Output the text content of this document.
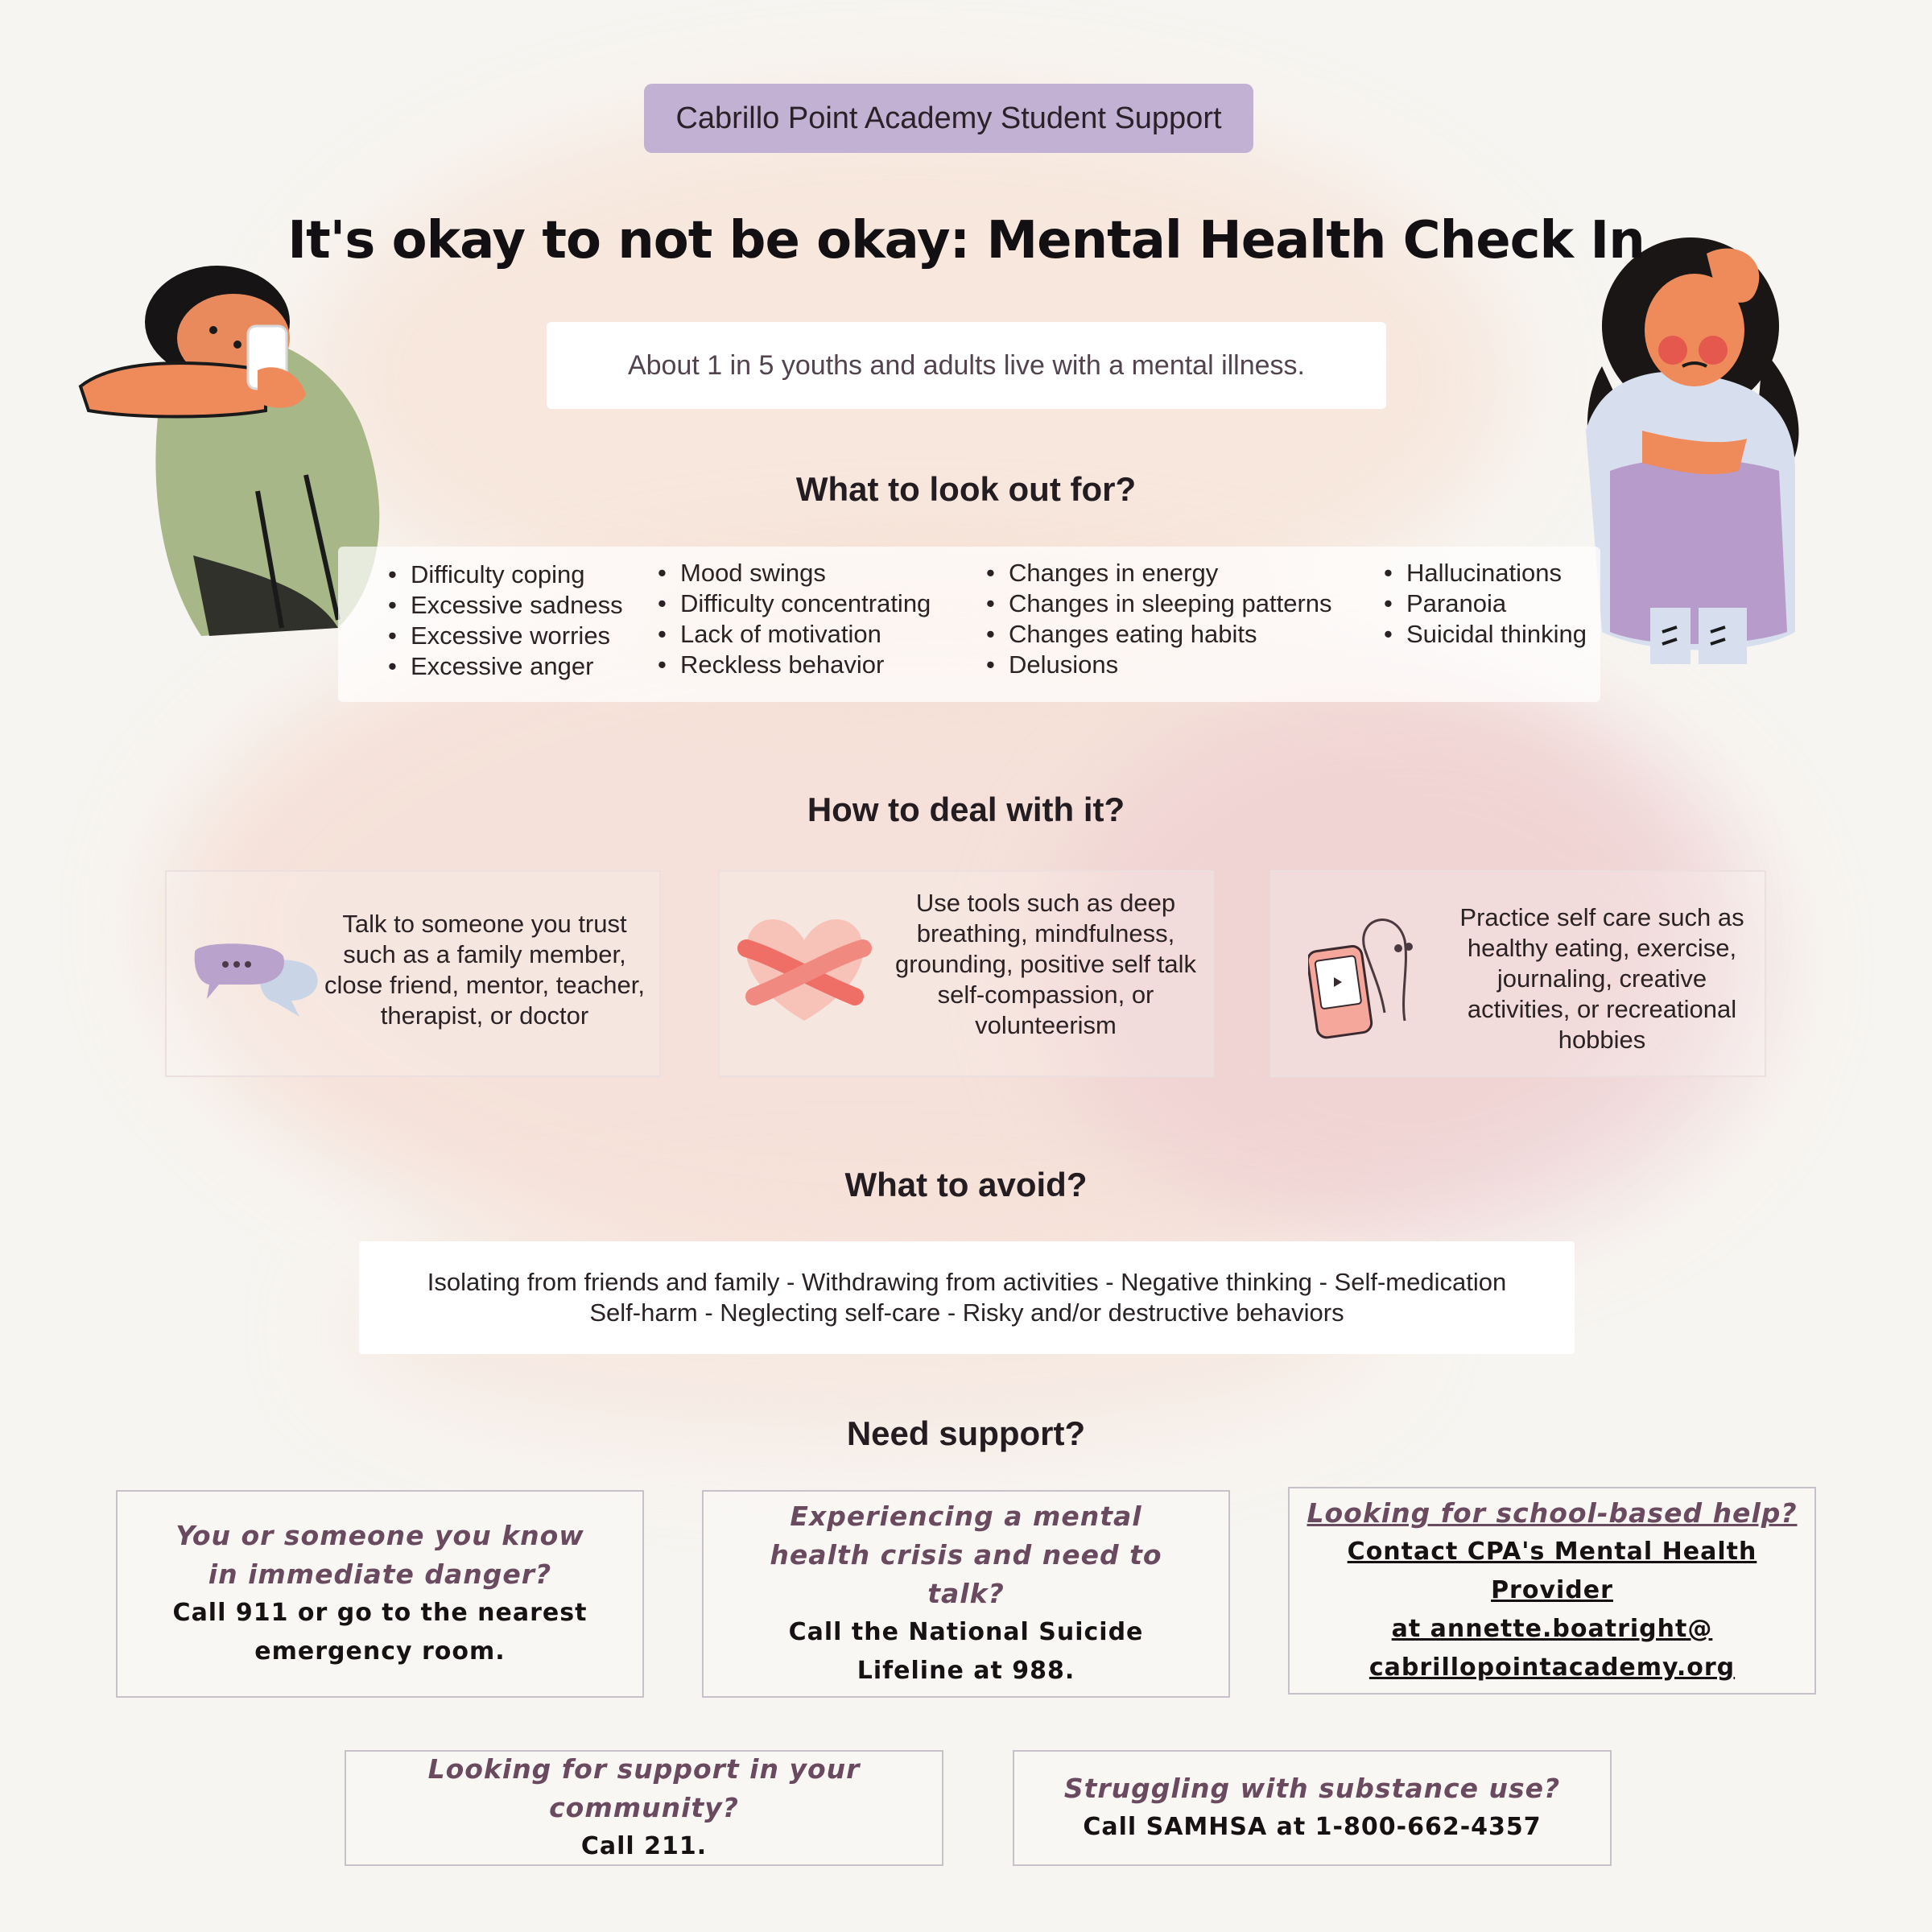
Cabrillo Point Academy Student Support
It's okay to not be okay: Mental Health Check In
About 1 in 5 youths and adults live with a mental illness.
What to look out for?
• Difficulty coping
• Excessive sadness
• Excessive worries
• Excessive anger
• Mood swings
• Difficulty concentrating
• Lack of motivation
• Reckless behavior
• Changes in energy
• Changes in sleeping patterns
• Changes eating habits
• Delusions
• Hallucinations
• Paranoia
• Suicidal thinking
How to deal with it?
Talk to someone you trust such as a family member, close friend, mentor, teacher, therapist, or doctor
Use tools such as deep breathing, mindfulness, grounding, positive self talk self-compassion, or volunteerism
Practice self care such as healthy eating, exercise, journaling, creative activities, or recreational hobbies
What to avoid?
Isolating from friends and family - Withdrawing from activities - Negative thinking - Self-medication
Self-harm - Neglecting self-care - Risky and/or destructive behaviors
Need support?
You or someone you know in immediate danger?
Call 911 or go to the nearest emergency room.
Experiencing a mental health crisis and need to talk?
Call the National Suicide Lifeline at 988.
Looking for school-based help?
Contact CPA's Mental Health Provider
at annette.boatright@
cabrillopointacademy.org
Looking for support in your community?
Call 211.
Struggling with substance use?
Call SAMHSA at 1-800-662-4357
